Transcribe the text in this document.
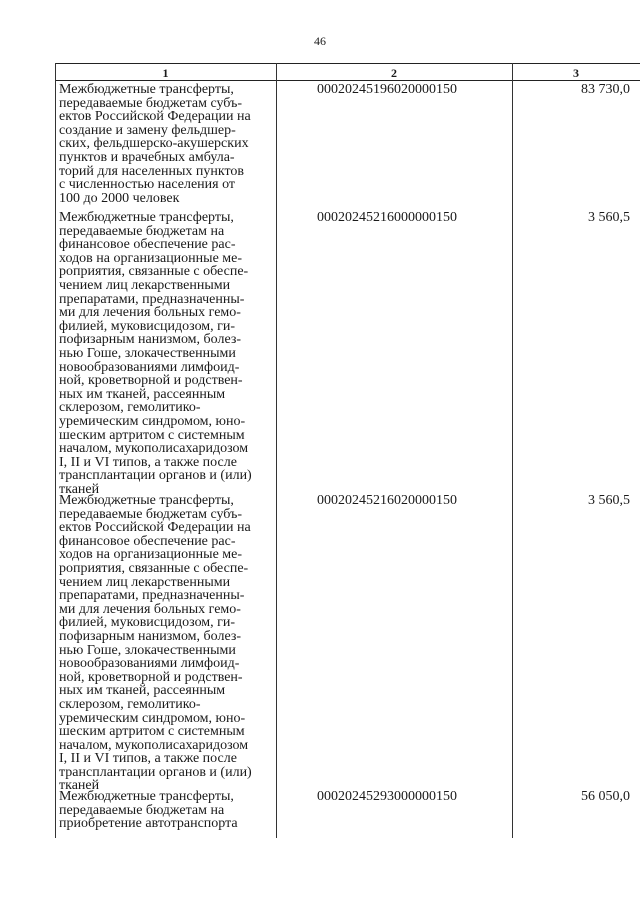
46
1	2	3
Межбюджетные трансферты,
передаваемые бюджетам субъ-
ектов Российской Федерации на
создание и замену фельдшер-
ских, фельдшерско-акушерских
пунктов и врачебных амбула-
торий для населенных пунктов
с численностью населения от
100 до 2000 человек
00020245196020000150	83 730,0
Межбюджетные трансферты,
передаваемые бюджетам на
финансовое обеспечение рас-
ходов на организационные ме-
роприятия, связанные с обеспе-
чением лиц лекарственными
препаратами, предназначенны-
ми для лечения больных гемо-
филией, муковисцидозом, ги-
пофизарным нанизмом, болез-
нью Гоше, злокачественными
новообразованиями лимфоид-
ной, кроветворной и родствен-
ных им тканей, рассеянным
склерозом, гемолитико-
уремическим синдромом, юно-
шеским артритом с системным
началом, мукополисахаридозом
I, II и VI типов, а также после
трансплантации органов и (или)
тканей
00020245216000000150	3 560,5
Межбюджетные трансферты,
передаваемые бюджетам субъ-
ектов Российской Федерации на
финансовое обеспечение рас-
ходов на организационные ме-
роприятия, связанные с обеспе-
чением лиц лекарственными
препаратами, предназначенны-
ми для лечения больных гемо-
филией, муковисцидозом, ги-
пофизарным нанизмом, болез-
нью Гоше, злокачественными
новообразованиями лимфоид-
ной, кроветворной и родствен-
ных им тканей, рассеянным
склерозом, гемолитико-
уремическим синдромом, юно-
шеским артритом с системным
началом, мукополисахаридозом
I, II и VI типов, а также после
трансплантации органов и (или)
тканей
00020245216020000150	3 560,5
Межбюджетные трансферты,
передаваемые бюджетам на
приобретение автотранспорта
00020245293000000150	56 050,0
